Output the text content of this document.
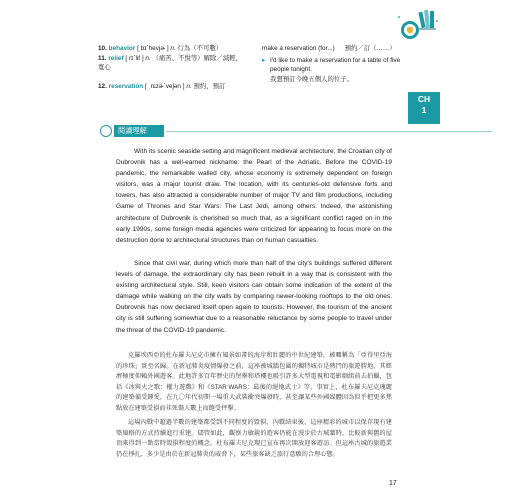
10. behavior [ bɪˋhevjɚ ] n. 行為（不可數）
11. relief [ rɪˋlif ] n. （痛苦、不悅等）解除／減輕，寬心
12. reservation [ ˌrɛzɚˋveʃən ] n. 預約，預訂
make a reservation (for...) 預約／訂（……）
▸ I'd like to make a reservation for a table of five people tonight.
我想預訂今晚五個人的位子。
CH
1
閱讀理解
With its scenic seaside setting and magnificent medieval architecture, the Croatian city of Dubrovnik has a well-earned nickname: the Pearl of the Adriatic. Before the COVID-19 pandemic, the remarkable walled city, whose economy is extremely dependent on foreign visitors, was a major tourist draw. The location, with its centuries-old defensive forts and towers, has also attracted a considerable number of major TV and film productions, including Game of Thrones and Star Wars: The Last Jedi, among others. Indeed, the astonishing architecture of Dubrovnik is cherished so much that, as a significant conflict raged on in the early 1990s, some foreign media agencies were criticized for appearing to focus more on the destruction done to architectural structures than on human casualties.
Since that civil war, during which more than half of the city's buildings suffered different levels of damage, the extraordinary city has been rebuilt in a way that is consistent with the existing architectural style. Still, keen visitors can obtain some indication of the extent of the damage while walking on the city walls by comparing newer-looking rooftops to the old ones. Dubrovnik has now declared itself open again to tourists. However, the tourism of the ancient city is still suffering somewhat due to a reasonable reluctance by some people to travel under the threat of the COVID-19 pandemic.
克羅埃西亞的杜布羅夫尼克市擁有風景如畫的海岸和壯麗的中世紀建築，被暱稱為「亞得里亞海的珍珠」實至名歸。在新冠肺炎疫情爆發之前，這座被城牆包圍的獨特城市是熱門的旅遊勝地，其經濟極度仰賴外國遊客。此地許多百年歷史的堡壘和塔樓也吸引許多大型電視和電影劇組前去拍攝，包括《冰與火之歌：權力遊戲》和《STAR WARS：最後的絕地武士》等。事實上，杜布羅夫尼克瑰麗的建築備受鍾愛，在九〇年代初期一場重大武裝衝突爆發時，甚至讓某些外國媒體因為似乎把更多焦點放在建築受損而非死傷人數上而飽受抨擊。
這場內戰中超過半數的建築都受到不同程度的毀損，內戰結束後，這座精彩的城市以保存現有建築風格的方式持續進行重建。儘管如此，觀察力敏銳的遊客仍能在漫步於古城牆時，比較新與舊的屋頂來得到一點當時毀損程度的概念。杜布羅夫尼克現已宣布再次開放迎客遊訪。但這座古城的旅遊業仍在掙扎，多少是由於在新冠肺炎的威脅下，某些旅客缺乏旅行意願的合理心態。
17
